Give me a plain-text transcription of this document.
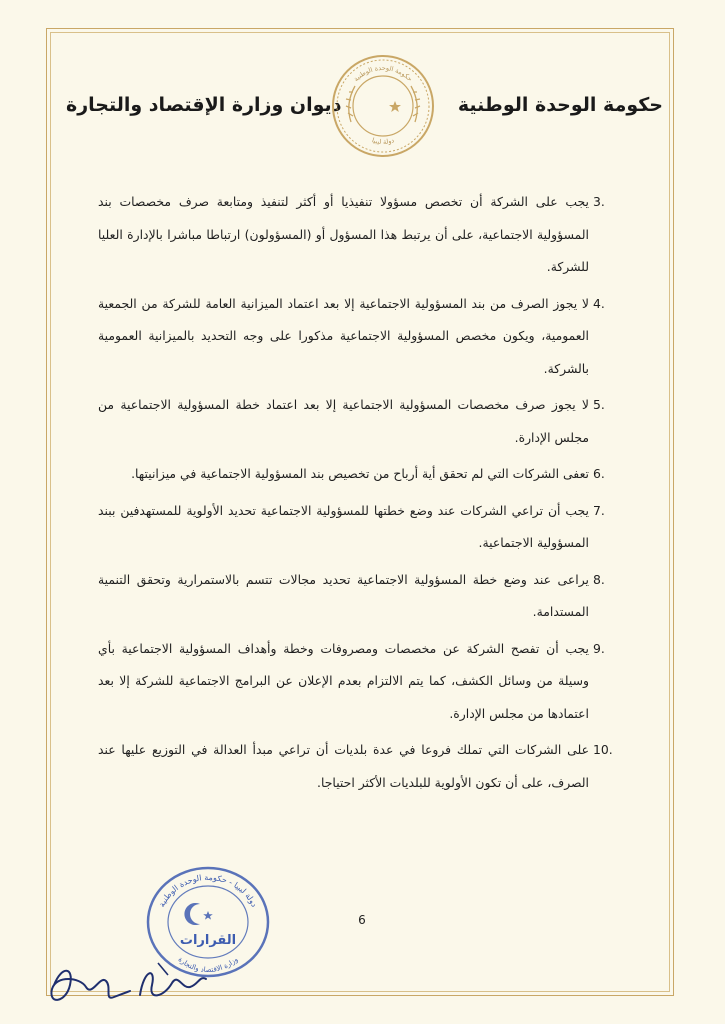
حكومة الوحدة الوطنية
ديوان وزارة الإقتصاد والتجارة
حكومة الوحدة الوطنية
دولة ليبيا
3.
يجب على الشركة أن تخصص مسؤولا تنفيذيا أو أكثر لتنفيذ ومتابعة صرف مخصصات بند المسؤولية الاجتماعية، على أن يرتبط هذا المسؤول أو (المسؤولون) ارتباطا مباشرا بالإدارة العليا للشركة.
4.
لا يجوز الصرف من بند المسؤولية الاجتماعية إلا بعد اعتماد الميزانية العامة للشركة من الجمعية العمومية، ويكون مخصص المسؤولية الاجتماعية مذكورا على وجه التحديد بالميزانية العمومية بالشركة.
5.
لا يجوز صرف مخصصات المسؤولية الاجتماعية إلا بعد اعتماد خطة المسؤولية الاجتماعية من مجلس الإدارة.
6.
تعفى الشركات التي لم تحقق أية أرباح من تخصيص بند المسؤولية الاجتماعية في ميزانيتها.
7.
يجب أن تراعي الشركات عند وضع خطتها للمسؤولية الاجتماعية تحديد الأولوية للمستهدفين ببند المسؤولية الاجتماعية.
8.
يراعى عند وضع خطة المسؤولية الاجتماعية تحديد مجالات تتسم بالاستمرارية وتحقق التنمية المستدامة.
9.
يجب أن تفصح الشركة عن مخصصات ومصروفات وخطة وأهداف المسؤولية الاجتماعية بأي وسيلة من وسائل الكشف، كما يتم الالتزام بعدم الإعلان عن البرامج الاجتماعية للشركة إلا بعد اعتمادها من مجلس الإدارة.
10.
على الشركات التي تملك فروعا في عدة بلديات أن تراعي مبدأ العدالة في التوزيع عليها عند الصرف، على أن تكون الأولوية للبلديات الأكثر احتياجا.
6
دولة ليبيا - حكومة الوحدة الوطنية
وزارة الاقتصاد والتجارة
القرارات
